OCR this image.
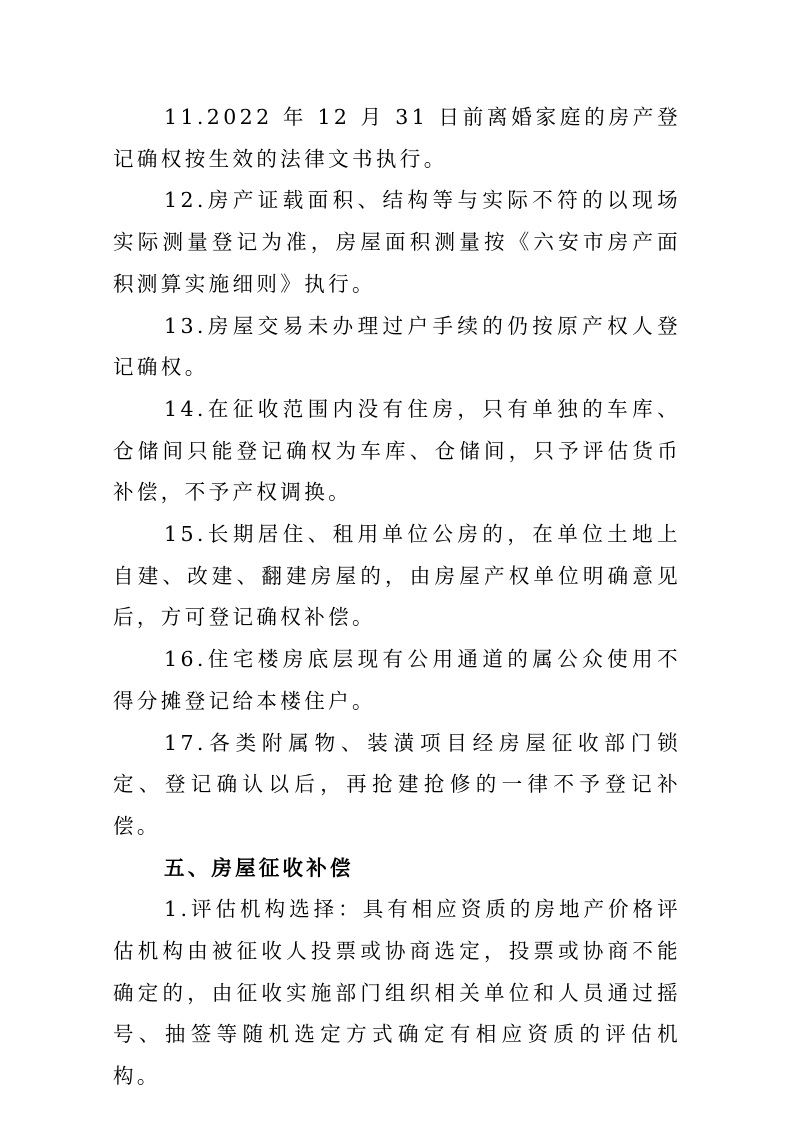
11.2022 年 12 月 31 日前离婚家庭的房产登记确权按生效的法律文书执行。

12.房产证载面积、结构等与实际不符的以现场实际测量登记为准，房屋面积测量按《六安市房产面积测算实施细则》执行。

13.房屋交易未办理过户手续的仍按原产权人登记确权。

14.在征收范围内没有住房，只有单独的车库、仓储间只能登记确权为车库、仓储间，只予评估货币补偿，不予产权调换。

15.长期居住、租用单位公房的，在单位土地上自建、改建、翻建房屋的，由房屋产权单位明确意见后，方可登记确权补偿。

16.住宅楼房底层现有公用通道的属公众使用不得分摊登记给本楼住户。

17.各类附属物、装潢项目经房屋征收部门锁定、登记确认以后，再抢建抢修的一律不予登记补偿。

五、房屋征收补偿

1.评估机构选择：具有相应资质的房地产价格评估机构由被征收人投票或协商选定，投票或协商不能确定的，由征收实施部门组织相关单位和人员通过摇号、抽签等随机选定方式确定有相应资质的评估机构。
